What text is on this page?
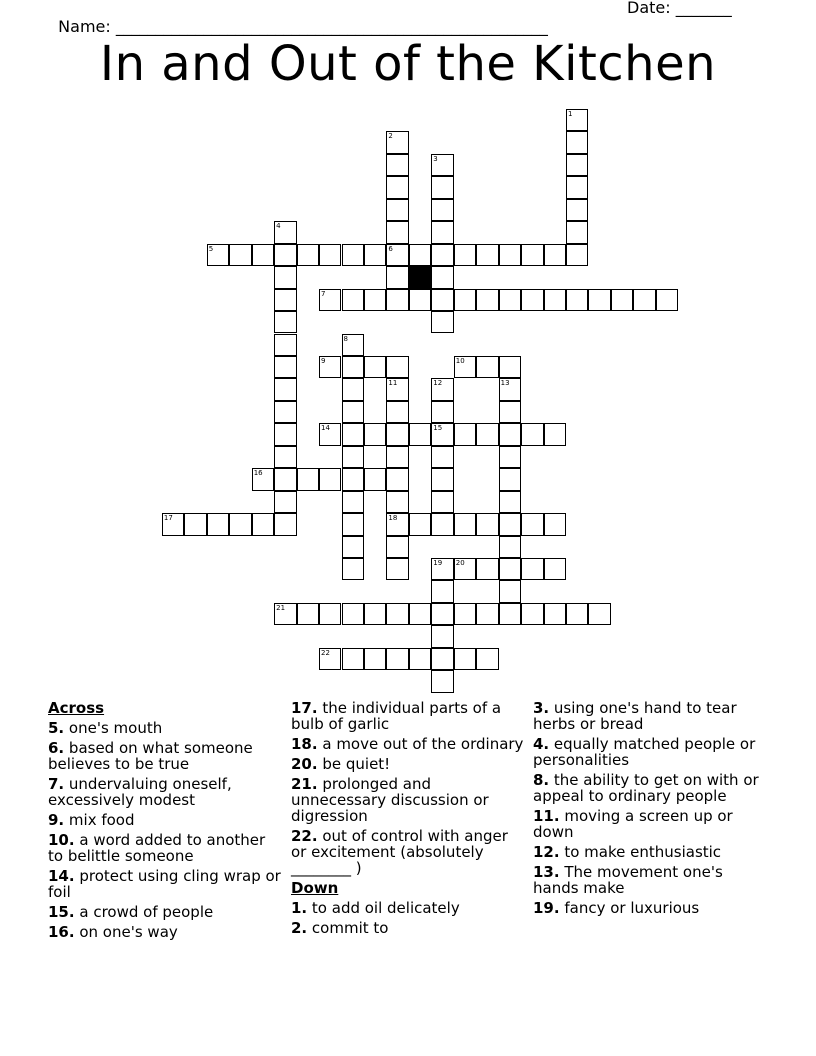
Name: ______________________________________________________

Date: _______

In and Out of the Kitchen
1
2
6
3
4
5
7
8
9	10
11
18
12
15
13
14
16
17
19 20
21
22
Across
5. one's mouth
6. based on what someone believes to be true
7. undervaluing oneself, excessively modest
9. mix food
10. a word added to another to belittle someone
14. protect using cling wrap or foil
15. a crowd of people
16. on one's way
17. the individual parts of a bulb of garlic
18. a move out of the ordinary
20. be quiet!
21. prolonged and unnecessary discussion or digression
22. out of control with anger or excitement (absolutely ________ )
Down
1. to add oil delicately
2. commit to
3. using one's hand to tear herbs or bread
4. equally matched people or personalities
8. the ability to get on with or appeal to ordinary people
11. moving a screen up or down
12. to make enthusiastic
13. The movement one's hands make
19. fancy or luxurious
